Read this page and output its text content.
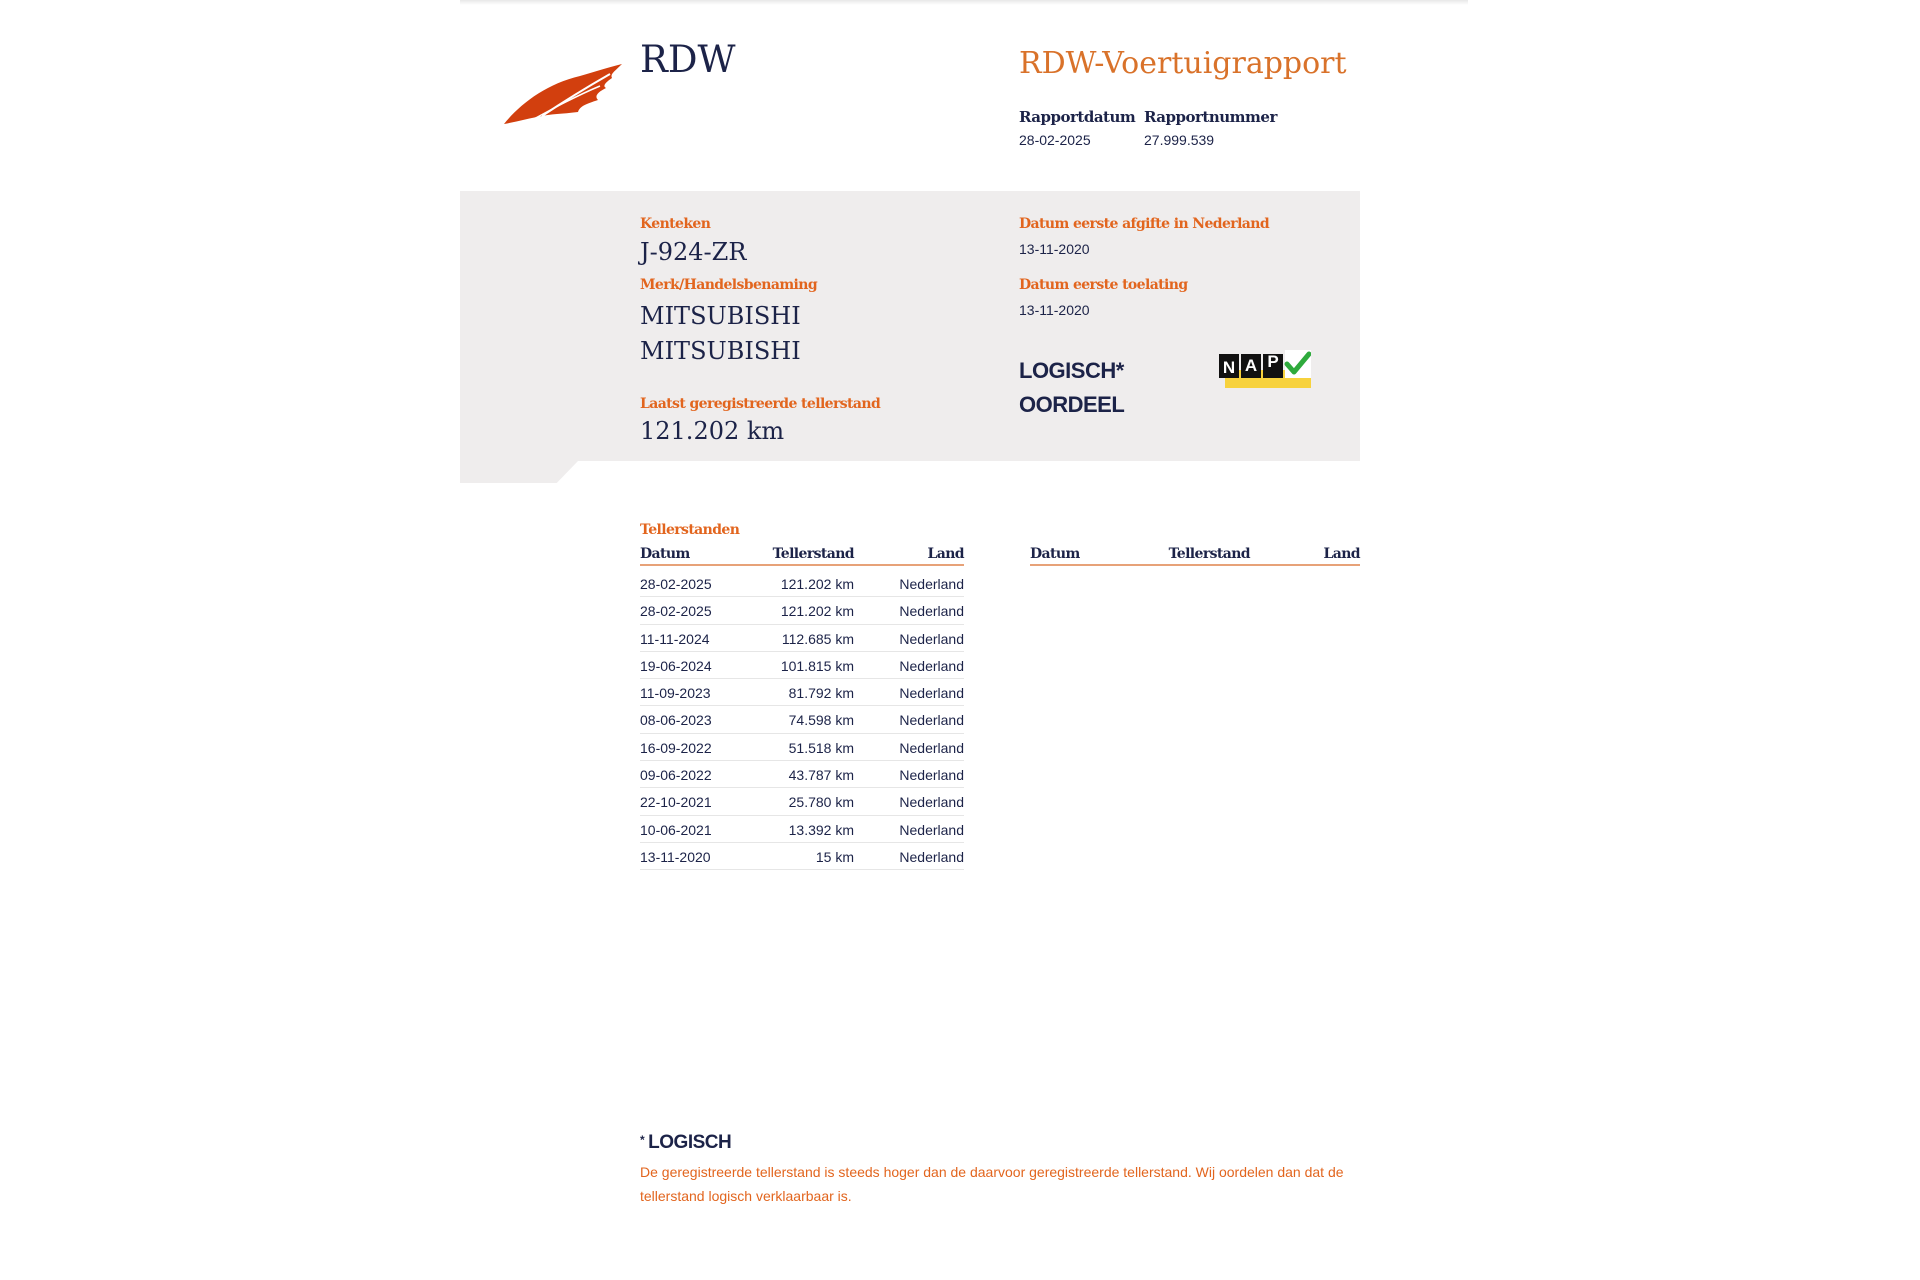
RDW	RDW-Voertuigrapport
Rapportdatum
28-02-2025
Rapportnummer
27.999.539
Kenteken
J-924-ZR
Merk/Handelsbenaming
MITSUBISHI
MITSUBISHI
Laatst geregistreerde tellerstand
121.202 km
Datum eerste afgifte in Nederland
13-11-2020
Datum eerste toelating
13-11-2020
LOGISCH*
OORDEEL
N A P
Tellerstanden
Datum	Tellerstand	Land	Datum	Tellerstand	Land
28-02-2025	121.202 km	Nederland
28-02-2025	121.202 km	Nederland
11-11-2024	112.685 km	Nederland
19-06-2024	101.815 km	Nederland
11-09-2023	81.792 km	Nederland
08-06-2023	74.598 km	Nederland
16-09-2022	51.518 km	Nederland
09-06-2022	43.787 km	Nederland
22-10-2021	25.780 km	Nederland
10-06-2021	13.392 km	Nederland
13-11-2020	15 km	Nederland
* LOGISCH
De geregistreerde tellerstand is steeds hoger dan de daarvoor geregistreerde tellerstand. Wij oordelen dan dat de tellerstand logisch verklaarbaar is.
